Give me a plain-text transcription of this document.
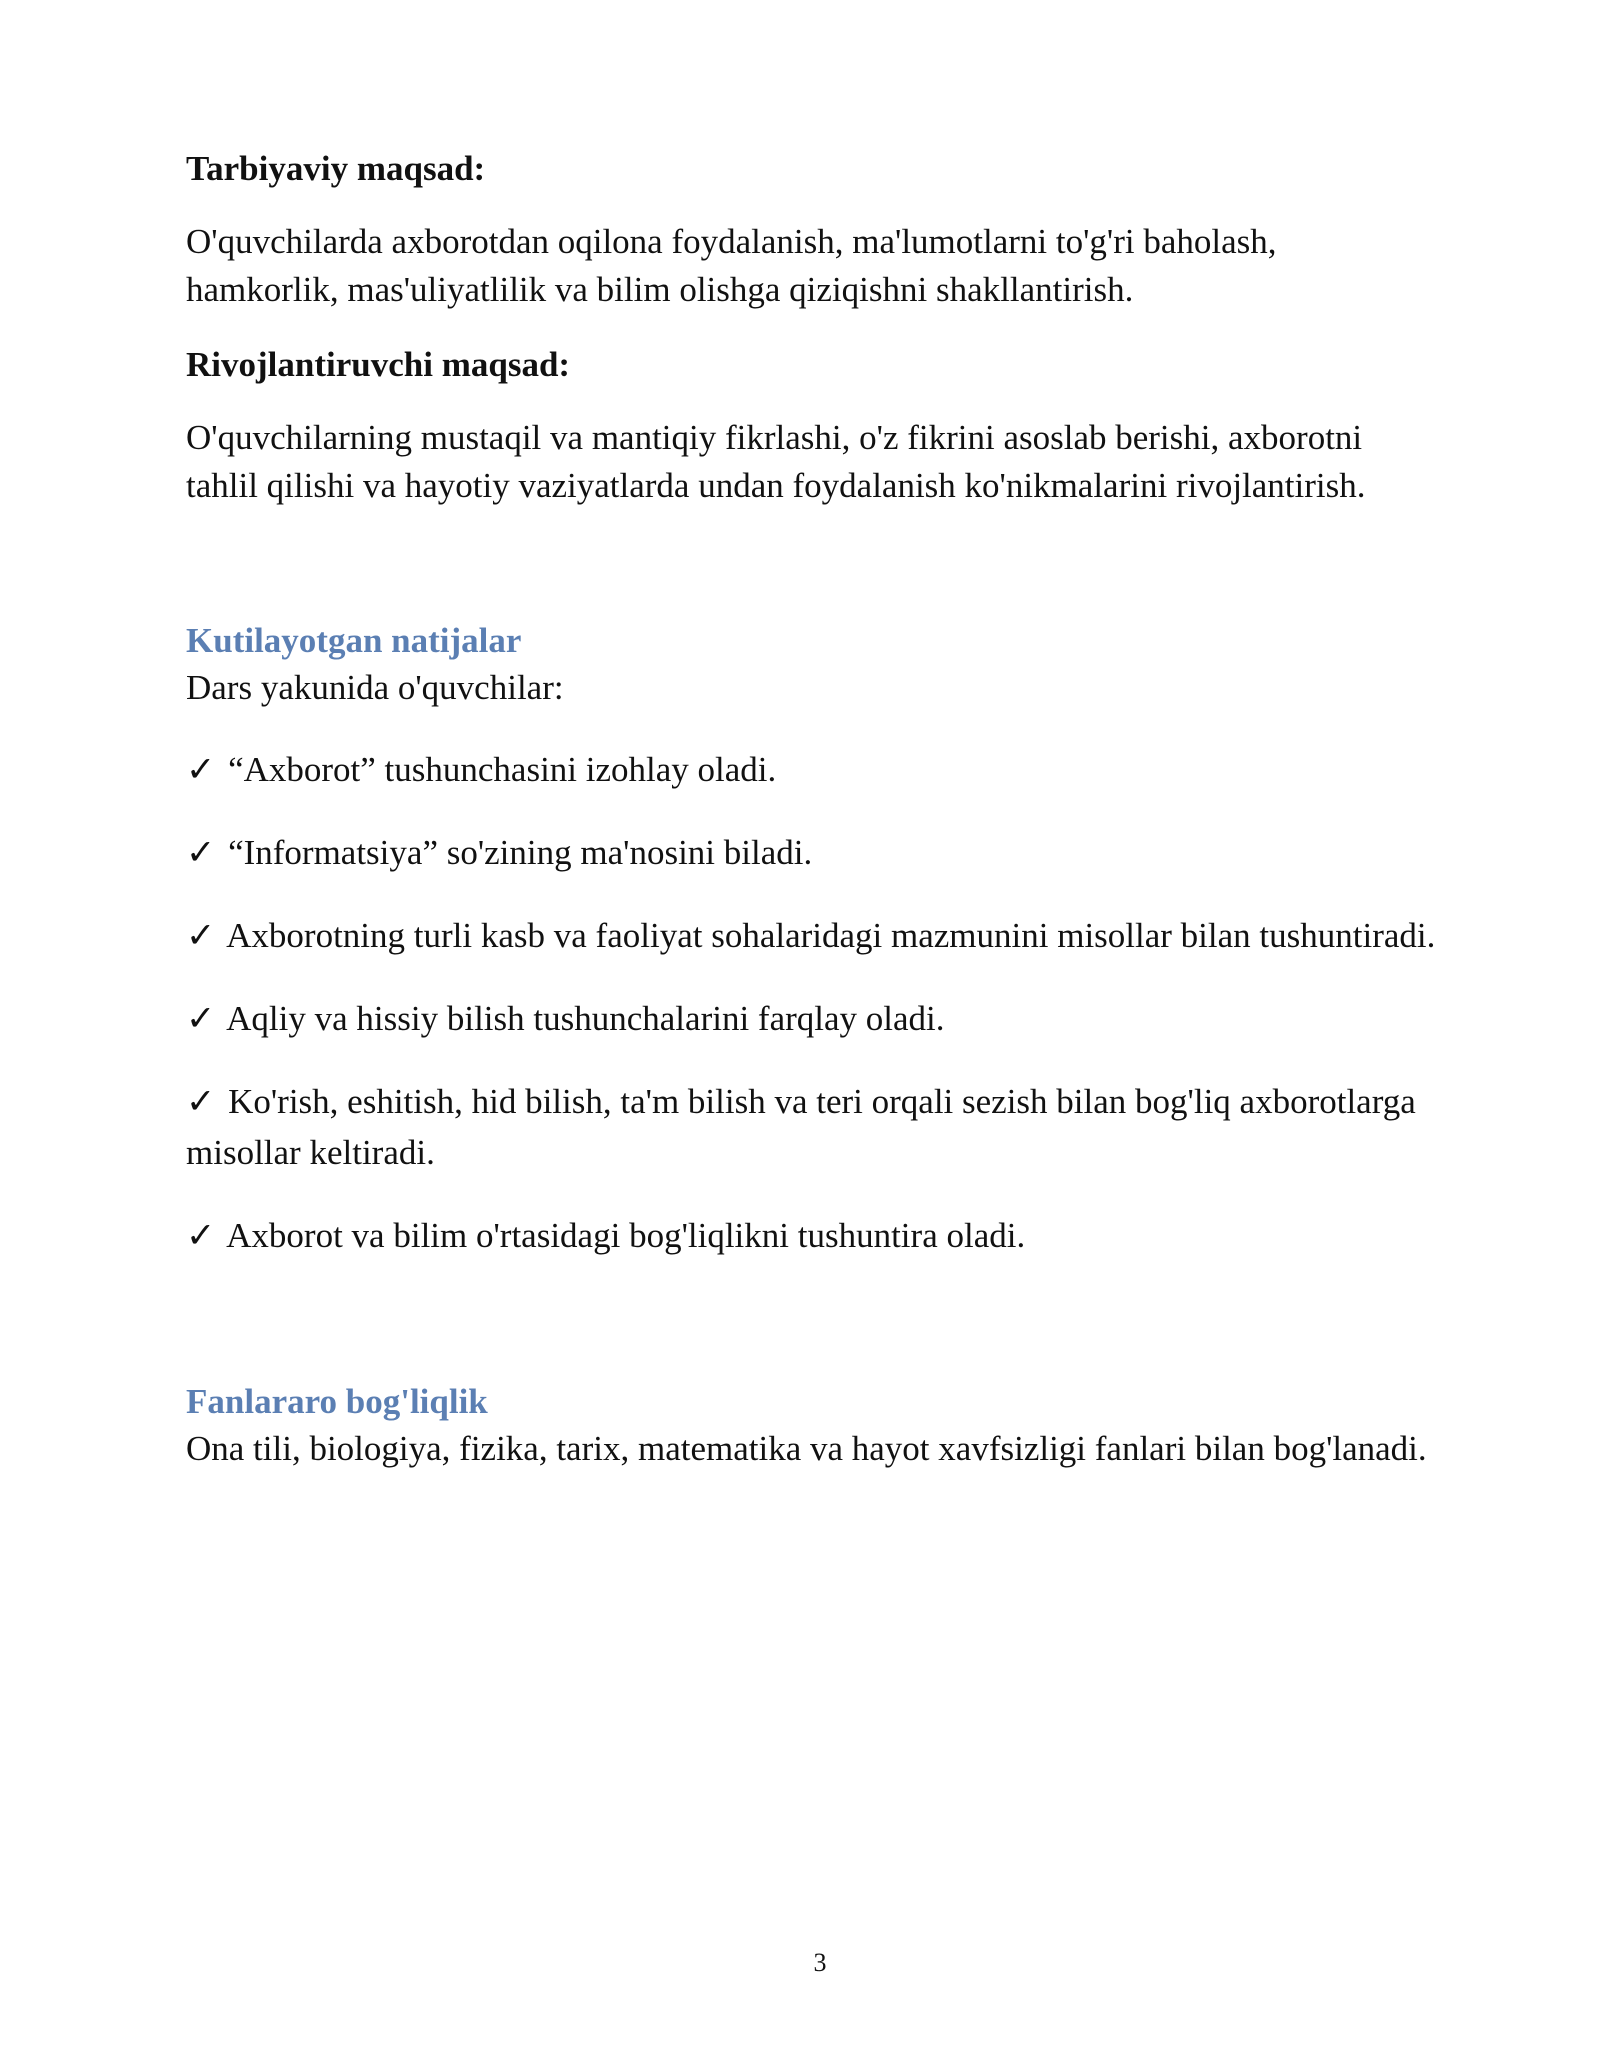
Tarbiyaviy maqsad:

O'quvchilarda axborotdan oqilona foydalanish, ma'lumotlarni to'g'ri baholash, hamkorlik, mas'uliyatlilik va bilim olishga qiziqishni shakllantirish.

Rivojlantiruvchi maqsad:

O'quvchilarning mustaqil va mantiqiy fikrlashi, o'z fikrini asoslab berishi, axborotni tahlil qilishi va hayotiy vaziyatlarda undan foydalanish ko'nikmalarini rivojlantirish.

Kutilayotgan natijalar

Dars yakunida o'quvchilar:

✓ “Axborot” tushunchasini izohlay oladi.
✓ “Informatsiya” so'zining ma'nosini biladi.
✓ Axborotning turli kasb va faoliyat sohalaridagi mazmunini misollar bilan tushuntiradi.
✓ Aqliy va hissiy bilish tushunchalarini farqlay oladi.
✓ Ko'rish, eshitish, hid bilish, ta'm bilish va teri orqali sezish bilan bog'liq axborotlarga misollar keltiradi.
✓ Axborot va bilim o'rtasidagi bog'liqlikni tushuntira oladi.
Fanlararo bog'liqlik

Ona tili, biologiya, fizika, tarix, matematika va hayot xavfsizligi fanlari bilan bog'lanadi.

3
